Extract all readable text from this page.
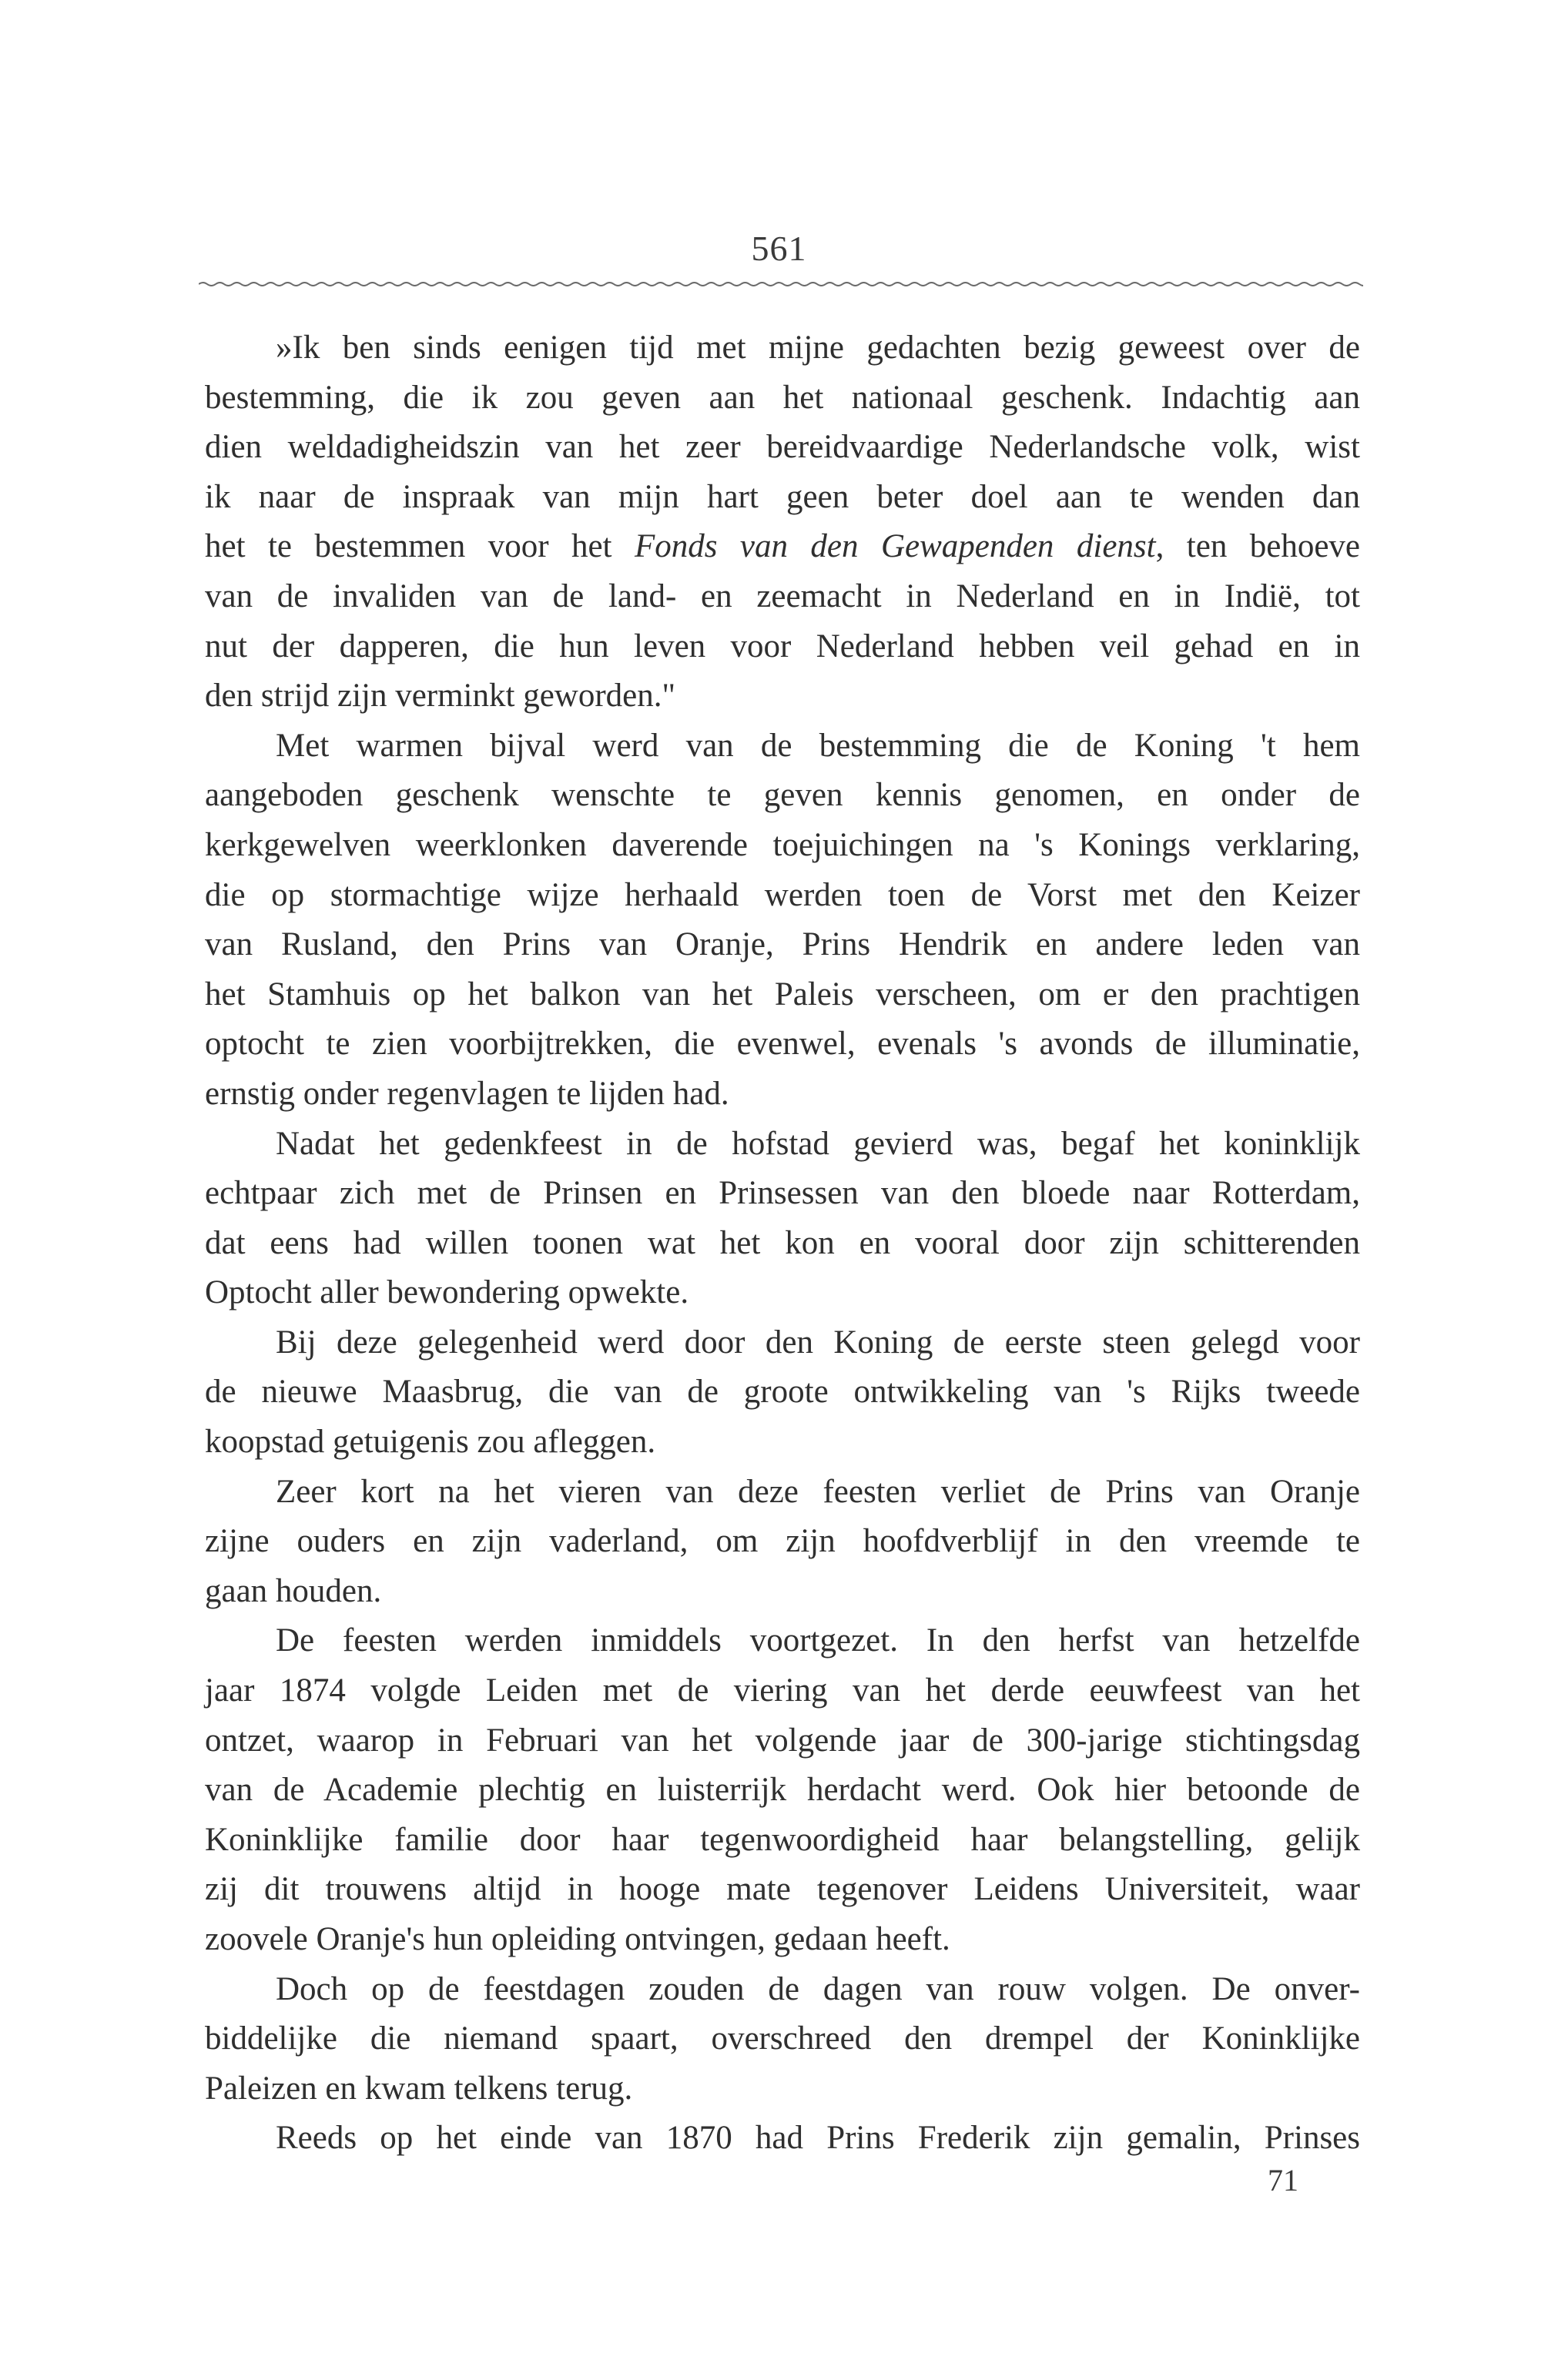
561

»Ik ben sinds eenigen tijd met mijne gedachten bezig geweest over de
bestemming, die ik zou geven aan het nationaal geschenk. Indachtig aan
dien weldadigheidszin van het zeer bereidvaardige Nederlandsche volk, wist
ik naar de inspraak van mijn hart geen beter doel aan te wenden dan
het te bestemmen voor het Fonds van den Gewapenden dienst, ten behoeve
van de invaliden van de land- en zeemacht in Nederland en in Indië, tot
nut der dapperen, die hun leven voor Nederland hebben veil gehad en in
den strijd zijn verminkt geworden."

Met warmen bijval werd van de bestemming die de Koning 't hem
aangeboden geschenk wenschte te geven kennis genomen, en onder de
kerkgewelven weerklonken daverende toejuichingen na 's Konings verklaring,
die op stormachtige wijze herhaald werden toen de Vorst met den Keizer
van Rusland, den Prins van Oranje, Prins Hendrik en andere leden van
het Stamhuis op het balkon van het Paleis verscheen, om er den prachtigen
optocht te zien voorbijtrekken, die evenwel, evenals 's avonds de illuminatie,
ernstig onder regenvlagen te lijden had.

Nadat het gedenkfeest in de hofstad gevierd was, begaf het koninklijk
echtpaar zich met de Prinsen en Prinsessen van den bloede naar Rotterdam,
dat eens had willen toonen wat het kon en vooral door zijn schitterenden
Optocht aller bewondering opwekte.

Bij deze gelegenheid werd door den Koning de eerste steen gelegd voor
de nieuwe Maasbrug, die van de groote ontwikkeling van 's Rijks tweede
koopstad getuigenis zou afleggen.

Zeer kort na het vieren van deze feesten verliet de Prins van Oranje
zijne ouders en zijn vaderland, om zijn hoofdverblijf in den vreemde te
gaan houden.

De feesten werden inmiddels voortgezet. In den herfst van hetzelfde
jaar 1874 volgde Leiden met de viering van het derde eeuwfeest van het
ontzet, waarop in Februari van het volgende jaar de 300-jarige stichtingsdag
van de Academie plechtig en luisterrijk herdacht werd. Ook hier betoonde de
Koninklijke familie door haar tegenwoordigheid haar belangstelling, gelijk
zij dit trouwens altijd in hooge mate tegenover Leidens Universiteit, waar
zoovele Oranje's hun opleiding ontvingen, gedaan heeft.

Doch op de feestdagen zouden de dagen van rouw volgen. De onver-
biddelijke die niemand spaart, overschreed den drempel der Koninklijke
Paleizen en kwam telkens terug.

Reeds op het einde van 1870 had Prins Frederik zijn gemalin, Prinses

71
